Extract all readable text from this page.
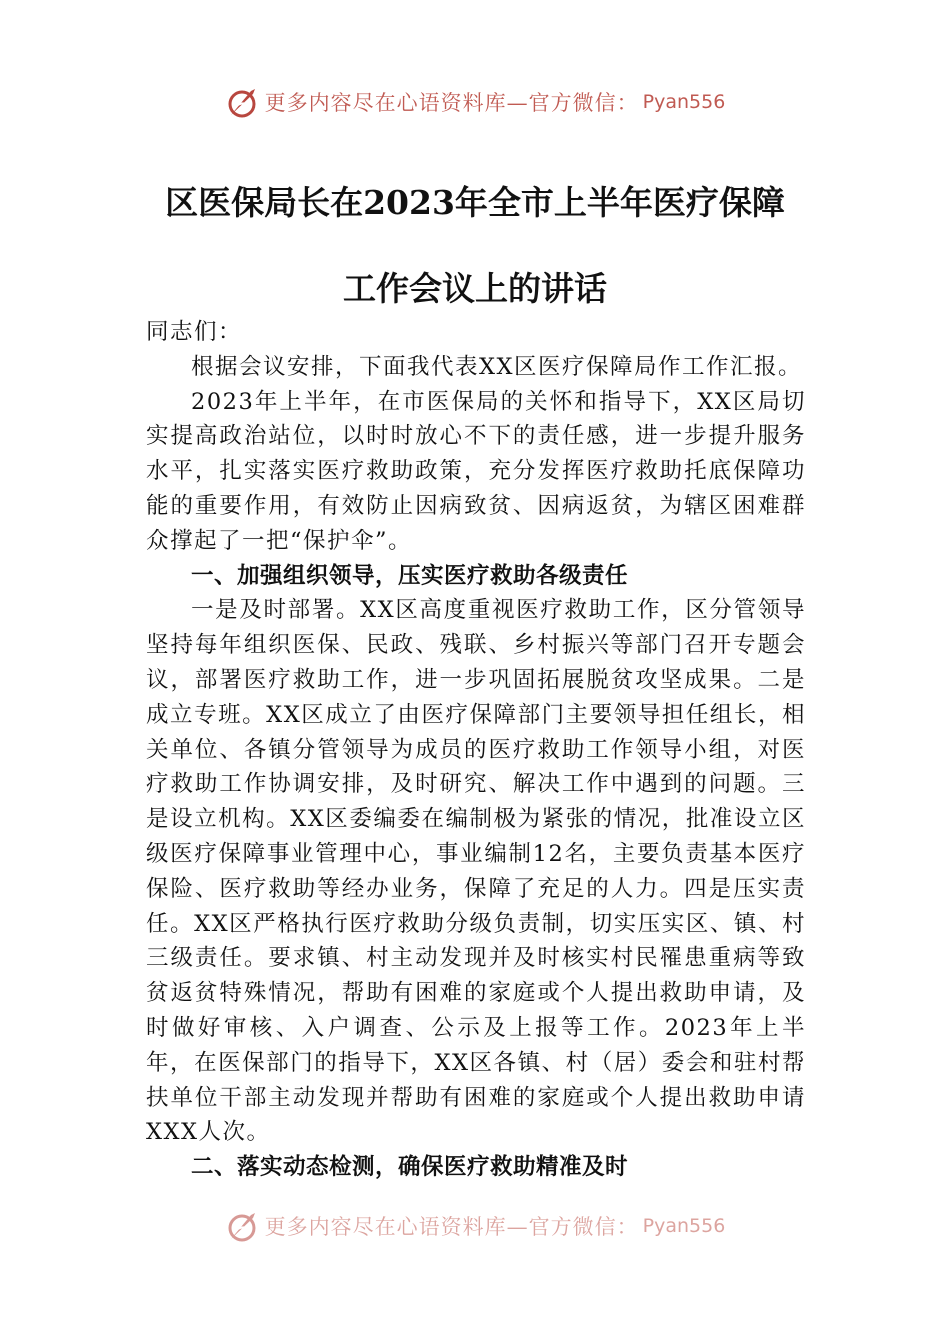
更多内容尽在心语资料库—官方微信： Pyan556
区医保局长在2023年全市上半年医疗保障
工作会议上的讲话

同志们：

根据会议安排，下面我代表XX区医疗保障局作工作汇报。

2023年上半年，在市医保局的关怀和指导下，XX区局切实提高政治站位，以时时放心不下的责任感，进一步提升服务水平，扎实落实医疗救助政策，充分发挥医疗救助托底保障功能的重要作用，有效防止因病致贫、因病返贫，为辖区困难群众撑起了一把“保护伞”。

一、加强组织领导，压实医疗救助各级责任

一是及时部署。XX区高度重视医疗救助工作，区分管领导坚持每年组织医保、民政、残联、乡村振兴等部门召开专题会议，部署医疗救助工作，进一步巩固拓展脱贫攻坚成果。二是成立专班。XX区成立了由医疗保障部门主要领导担任组长，相关单位、各镇分管领导为成员的医疗救助工作领导小组，对医疗救助工作协调安排，及时研究、解决工作中遇到的问题。三是设立机构。XX区委编委在编制极为紧张的情况，批准设立区级医疗保障事业管理中心，事业编制12名，主要负责基本医疗保险、医疗救助等经办业务，保障了充足的人力。四是压实责任。XX区严格执行医疗救助分级负责制，切实压实区、镇、村三级责任。要求镇、村主动发现并及时核实村民罹患重病等致贫返贫特殊情况，帮助有困难的家庭或个人提出救助申请，及时做好审核、入户调查、公示及上报等工作。2023年上半年，在医保部门的指导下，XX区各镇、村（居）委会和驻村帮扶单位干部主动发现并帮助有困难的家庭或个人提出救助申请XXX人次。

二、落实动态检测，确保医疗救助精准及时

更多内容尽在心语资料库—官方微信： Pyan556
